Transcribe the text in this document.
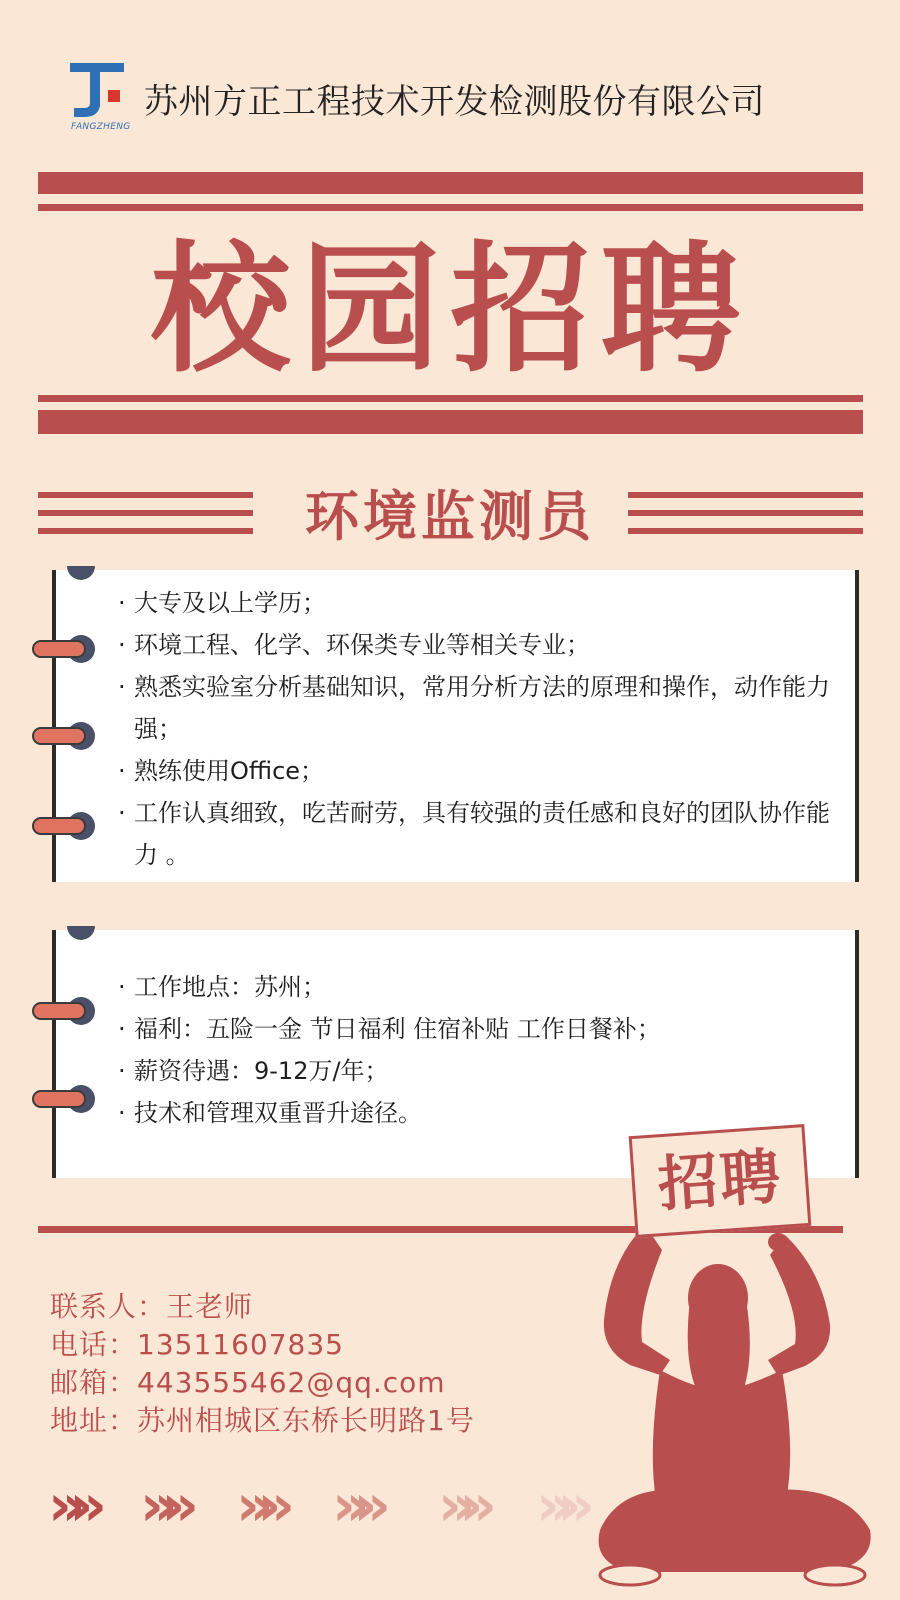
FANGZHENG
苏州方正工程技术开发检测股份有限公司
校园招聘
环境监测员
· 大专及以上学历；
· 环境工程、化学、环保类专业等相关专业；
· 熟悉实验室分析基础知识，常用分析方法的原理和操作，动作能力强；
· 熟练使用Office；
· 工作认真细致，吃苦耐劳，具有较强的责任感和良好的团队协作能力 。
· 工作地点：苏州；
· 福利：五险一金 节日福利 住宿补贴 工作日餐补；
· 薪资待遇：9-12万/年；
· 技术和管理双重晋升途径。
联系人：王老师
电话：13511607835
邮箱：443555462@qq.com
地址：苏州相城区东桥长明路1号
»» »» »» »» »» »»
招聘
